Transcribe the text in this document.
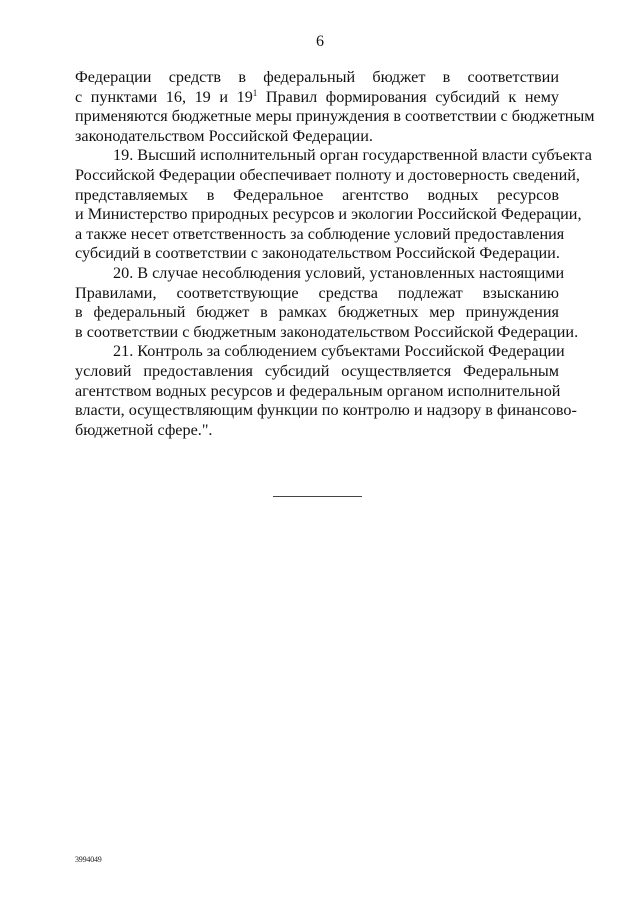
6
Федерации средств в федеральный бюджет в соответствии
с пунктами 16, 19 и $19^1$ Правил формирования субсидий к нему
применяются бюджетные меры принуждения в соответствии с бюджетным
законодательством Российской Федерации.
19. Высший исполнительный орган государственной власти субъекта
Российской Федерации обеспечивает полноту и достоверность сведений,
представляемых в Федеральное агентство водных ресурсов
и Министерство природных ресурсов и экологии Российской Федерации,
а также несет ответственность за соблюдение условий предоставления
субсидий в соответствии с законодательством Российской Федерации.
20. В случае несоблюдения условий, установленных настоящими
Правилами, соответствующие средства подлежат взысканию
в федеральный бюджет в рамках бюджетных мер принуждения
в соответствии с бюджетным законодательством Российской Федерации.
21. Контроль за соблюдением субъектами Российской Федерации
условий предоставления субсидий осуществляется Федеральным
агентством водных ресурсов и федеральным органом исполнительной
власти, осуществляющим функции по контролю и надзору в финансово-
бюджетной сфере.".
3994049
